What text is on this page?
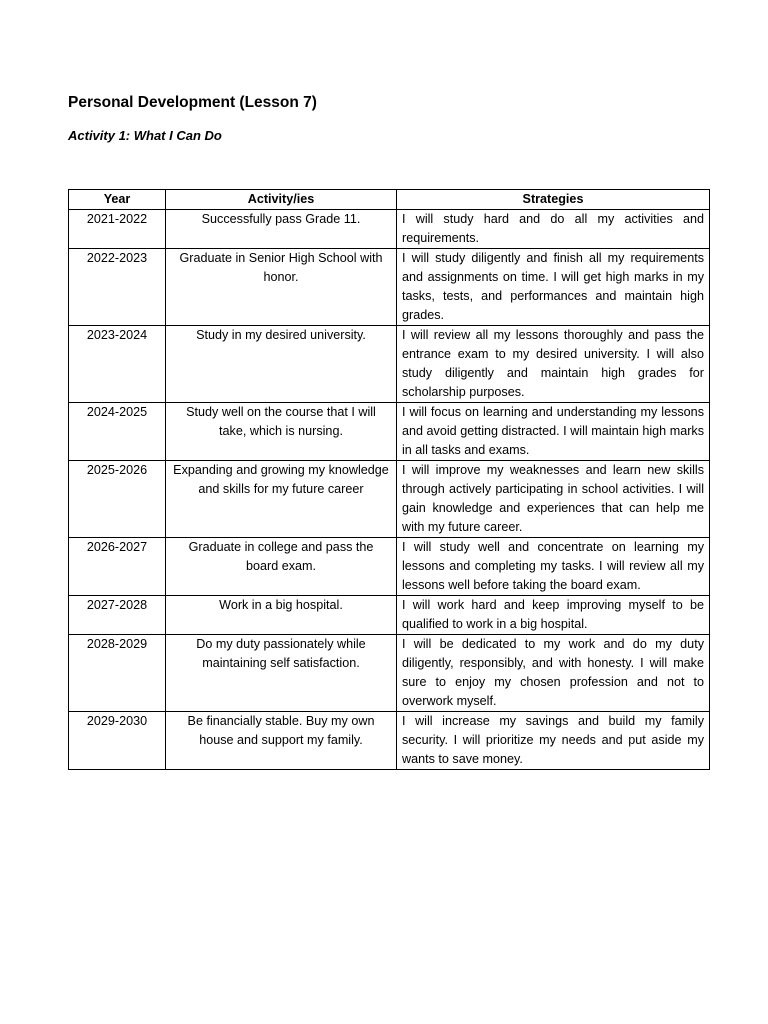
Personal Development (Lesson 7)
Activity 1: What I Can Do
Year	Activity/ies	Strategies
2021-2022	Successfully pass Grade 11.	I will study hard and do all my activities and requirements.
2022-2023	Graduate in Senior High School with honor.	I will study diligently and finish all my requirements and assignments on time. I will get high marks in my tasks, tests, and performances and maintain high grades.
2023-2024	Study in my desired university.	I will review all my lessons thoroughly and pass the entrance exam to my desired university. I will also study diligently and maintain high grades for scholarship purposes.
2024-2025	Study well on the course that I will take, which is nursing.	I will focus on learning and understanding my lessons and avoid getting distracted. I will maintain high marks in all tasks and exams.
2025-2026	Expanding and growing my knowledge and skills for my future career	I will improve my weaknesses and learn new skills through actively participating in school activities. I will gain knowledge and experiences that can help me with my future career.
2026-2027	Graduate in college and pass the board exam.	I will study well and concentrate on learning my lessons and completing my tasks. I will review all my lessons well before taking the board exam.
2027-2028	Work in a big hospital.	I will work hard and keep improving myself to be qualified to work in a big hospital.
2028-2029	Do my duty passionately while maintaining self satisfaction.	I will be dedicated to my work and do my duty diligently, responsibly, and with honesty. I will make sure to enjoy my chosen profession and not to overwork myself.
2029-2030	Be financially stable. Buy my own house and support my family.	I will increase my savings and build my family security. I will prioritize my needs and put aside my wants to save money.
